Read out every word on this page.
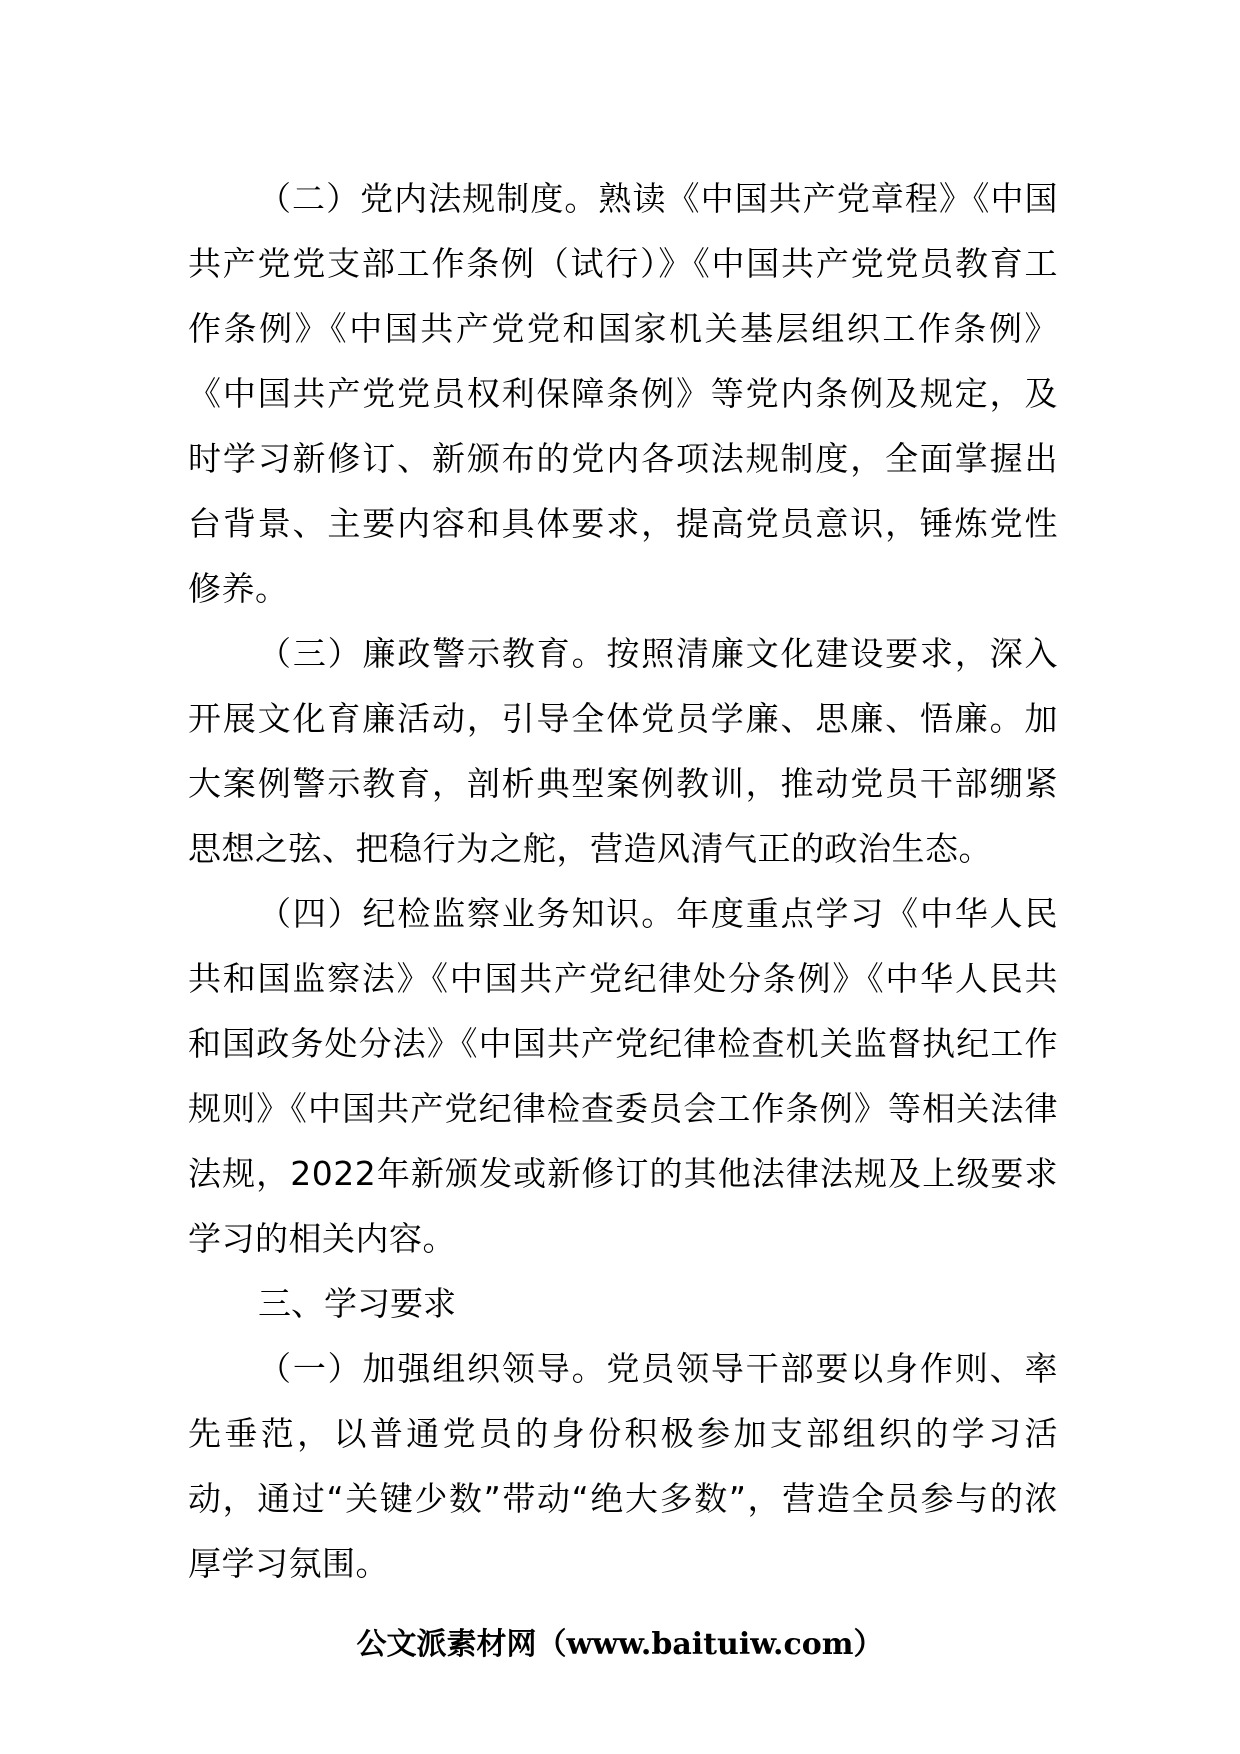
（二）党内法规制度。熟读《中国共产党章程》《中国共产党党支部工作条例（试行）》《中国共产党党员教育工作条例》《中国共产党党和国家机关基层组织工作条例》《中国共产党党员权利保障条例》等党内条例及规定，及时学习新修订、新颁布的党内各项法规制度，全面掌握出台背景、主要内容和具体要求，提高党员意识，锤炼党性修养。

（三）廉政警示教育。按照清廉文化建设要求，深入开展文化育廉活动，引导全体党员学廉、思廉、悟廉。加大案例警示教育，剖析典型案例教训，推动党员干部绷紧思想之弦、把稳行为之舵，营造风清气正的政治生态。

（四）纪检监察业务知识。年度重点学习《中华人民共和国监察法》《中国共产党纪律处分条例》《中华人民共和国政务处分法》《中国共产党纪律检查机关监督执纪工作规则》《中国共产党纪律检查委员会工作条例》等相关法律法规，2022年新颁发或新修订的其他法律法规及上级要求学习的相关内容。

三、学习要求

（一）加强组织领导。党员领导干部要以身作则、率先垂范，以普通党员的身份积极参加支部组织的学习活动，通过“关键少数”带动“绝大多数”，营造全员参与的浓厚学习氛围。

公文派素材网（www.baituiw.com）
